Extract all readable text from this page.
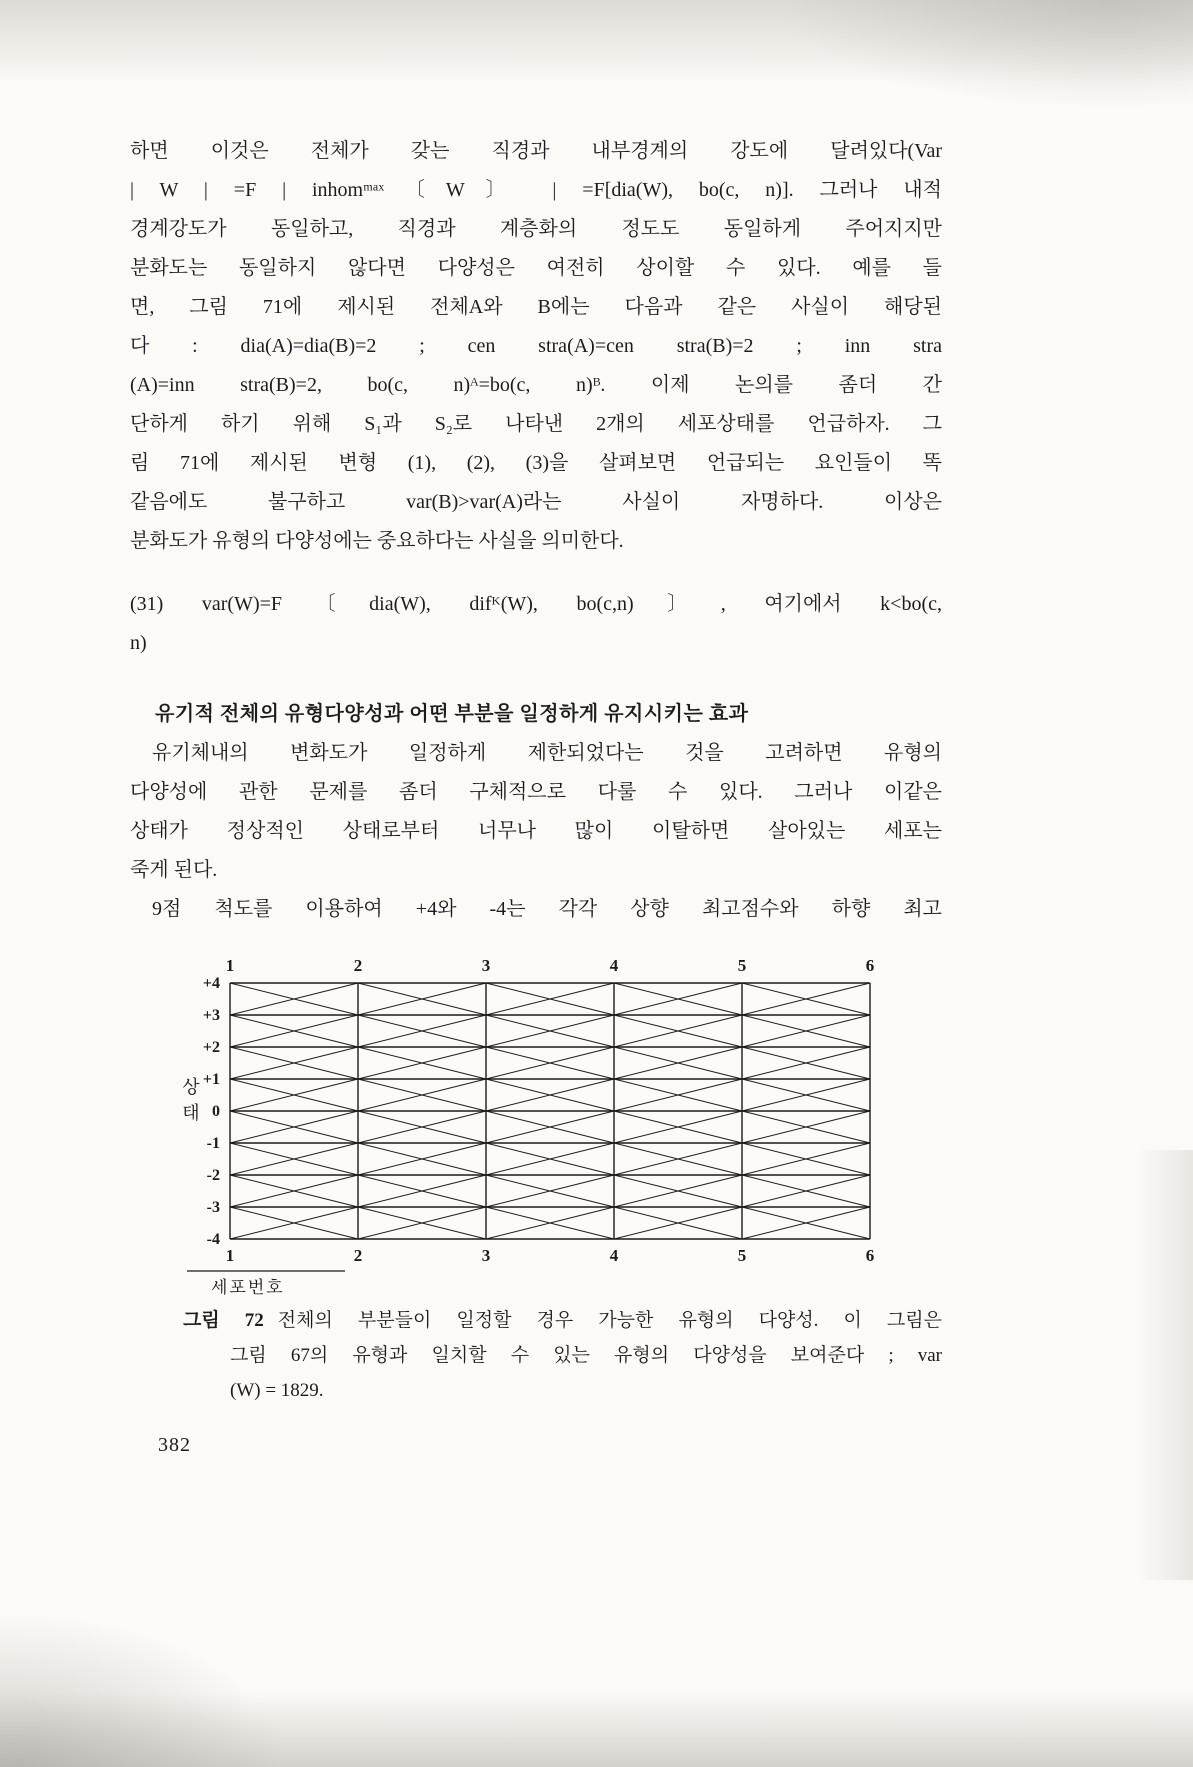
하면 이것은 전체가 갖는 직경과 내부경계의 강도에 달려있다(Var
| W | =F | inhomᵐᵃˣ〔W〕 | =F[dia(W), bo(c, n)]. 그러나 내적
경계강도가 동일하고, 직경과 계층화의 정도도 동일하게 주어지지만
분화도는 동일하지 않다면 다양성은 여전히 상이할 수 있다. 예를 들
면, 그림 71에 제시된 전체A와 B에는 다음과 같은 사실이 해당된
다 : dia(A)=dia(B)=2 ; cen stra(A)=cen stra(B)=2 ; inn stra
(A)=inn stra(B)=2, bo(c, n)ᴬ=bo(c, n)ᴮ. 이제 논의를 좀더 간
단하게 하기 위해 S₁과 S₂로 나타낸 2개의 세포상태를 언급하자. 그
림 71에 제시된 변형 (1), (2), (3)을 살펴보면 언급되는 요인들이 똑
같음에도 불구하고 var(B)>var(A)라는 사실이 자명하다. 이상은
분화도가 유형의 다양성에는 중요하다는 사실을 의미한다.
(31) var(W)=F〔dia(W), difᴷ(W), bo(c,n)〕, 여기에서 k<bo(c,
n)
유기적 전체의 유형다양성과 어떤 부분을 일정하게 유지시키는 효과
유기체내의 변화도가 일정하게 제한되었다는 것을 고려하면 유형의
다양성에 관한 문제를 좀더 구체적으로 다룰 수 있다. 그러나 이같은
상태가 정상적인 상태로부터 너무나 많이 이탈하면 살아있는 세포는
죽게 된다.
9점 척도를 이용하여 +4와 -4는 각각 상향 최고점수와 하향 최고
1
1
2
2
3
3
4
4
5
5
6
6
+4
+3
+2
+1
0
-1
-2
-3
-4
상
태
세포번호
그림 72 전체의 부분들이 일정할 경우 가능한 유형의 다양성. 이 그림은
그림 67의 유형과 일치할 수 있는 유형의 다양성을 보여준다 ; var
(W) = 1829.
382
